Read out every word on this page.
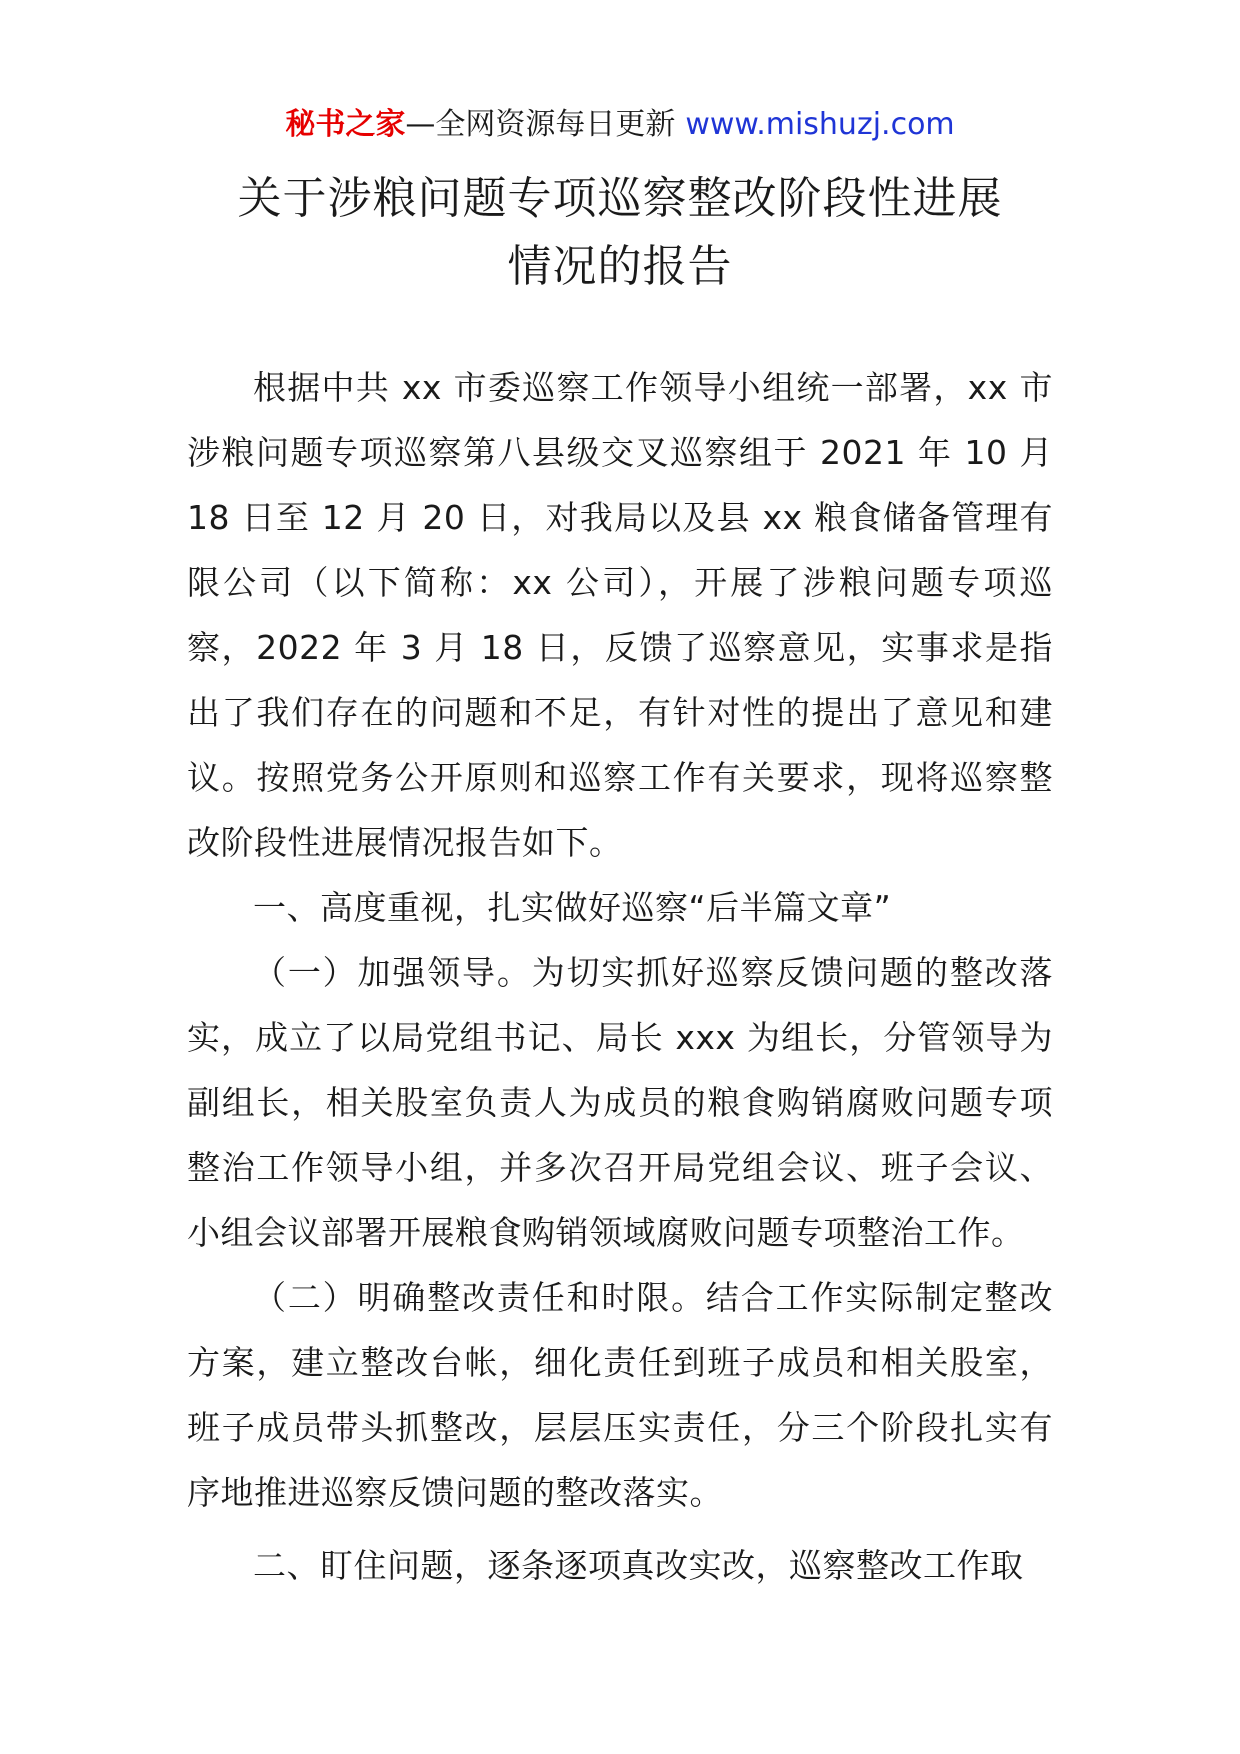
秘书之家—全网资源每日更新 www.mishuzj.com
关于涉粮问题专项巡察整改阶段性进展
情况的报告

根据中共 xx 市委巡察工作领导小组统一部署，xx 市涉粮问题专项巡察第八县级交叉巡察组于 2021 年 10 月 18 日至 12 月 20 日，对我局以及县 xx 粮食储备管理有限公司（以下简称：xx 公司），开展了涉粮问题专项巡察，2022 年 3 月 18 日，反馈了巡察意见，实事求是指出了我们存在的问题和不足，有针对性的提出了意见和建议。按照党务公开原则和巡察工作有关要求，现将巡察整改阶段性进展情况报告如下。

一、高度重视，扎实做好巡察“后半篇文章”

（一）加强领导。为切实抓好巡察反馈问题的整改落实，成立了以局党组书记、局长 xxx 为组长，分管领导为副组长，相关股室负责人为成员的粮食购销腐败问题专项整治工作领导小组，并多次召开局党组会议、班子会议、小组会议部署开展粮食购销领域腐败问题专项整治工作。

（二）明确整改责任和时限。结合工作实际制定整改方案，建立整改台帐，细化责任到班子成员和相关股室，班子成员带头抓整改，层层压实责任，分三个阶段扎实有序地推进巡察反馈问题的整改落实。

二、盯住问题，逐条逐项真改实改，巡察整改工作取
